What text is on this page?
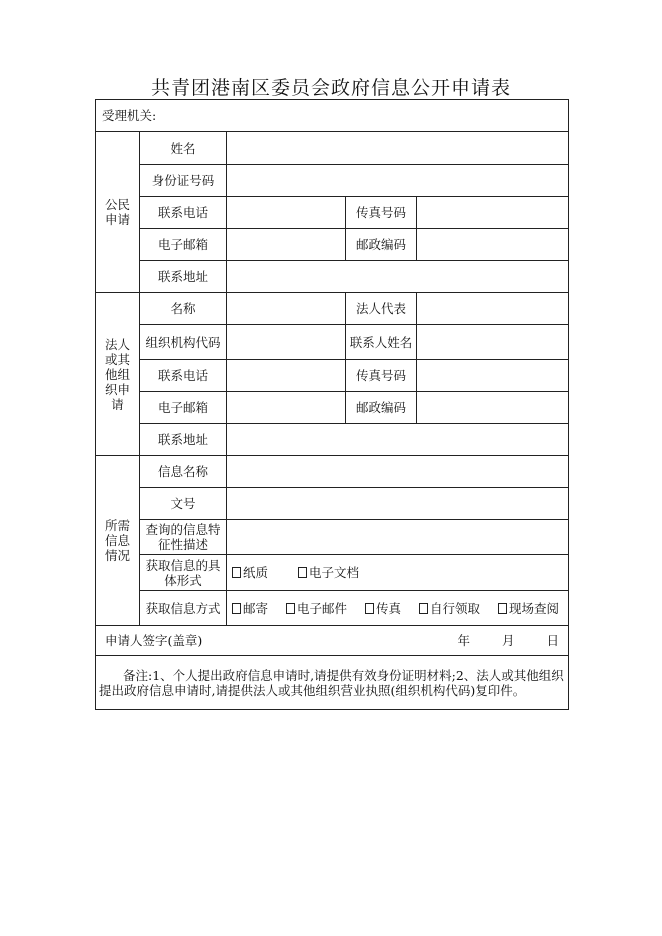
共青团港南区委员会政府信息公开申请表
受理机关:				
公民申请	姓名			
	身份证号码			
	联系电话		传真号码	
	电子邮箱		邮政编码	
	联系地址			
法人或其他组织申请	名称		法人代表	
	组织机构代码		联系人姓名	
	联系电话		传真号码	
	电子邮箱		邮政编码	
	联系地址			
所需信息情况	信息名称			
	文号			
	查询的信息特征性描述			
	获取信息的具体形式	纸质 电子文档		
	获取信息方式	邮寄 电子邮件 传真 自行领取 现场查阅		

申请人签字(盖章) 年 月 日				

备注:1、个人提出政府信息申请时,请提供有效身份证明材料;2、法人或其他组织提出政府信息申请时,请提供法人或其他组织营业执照(组织机构代码)复印件。				
